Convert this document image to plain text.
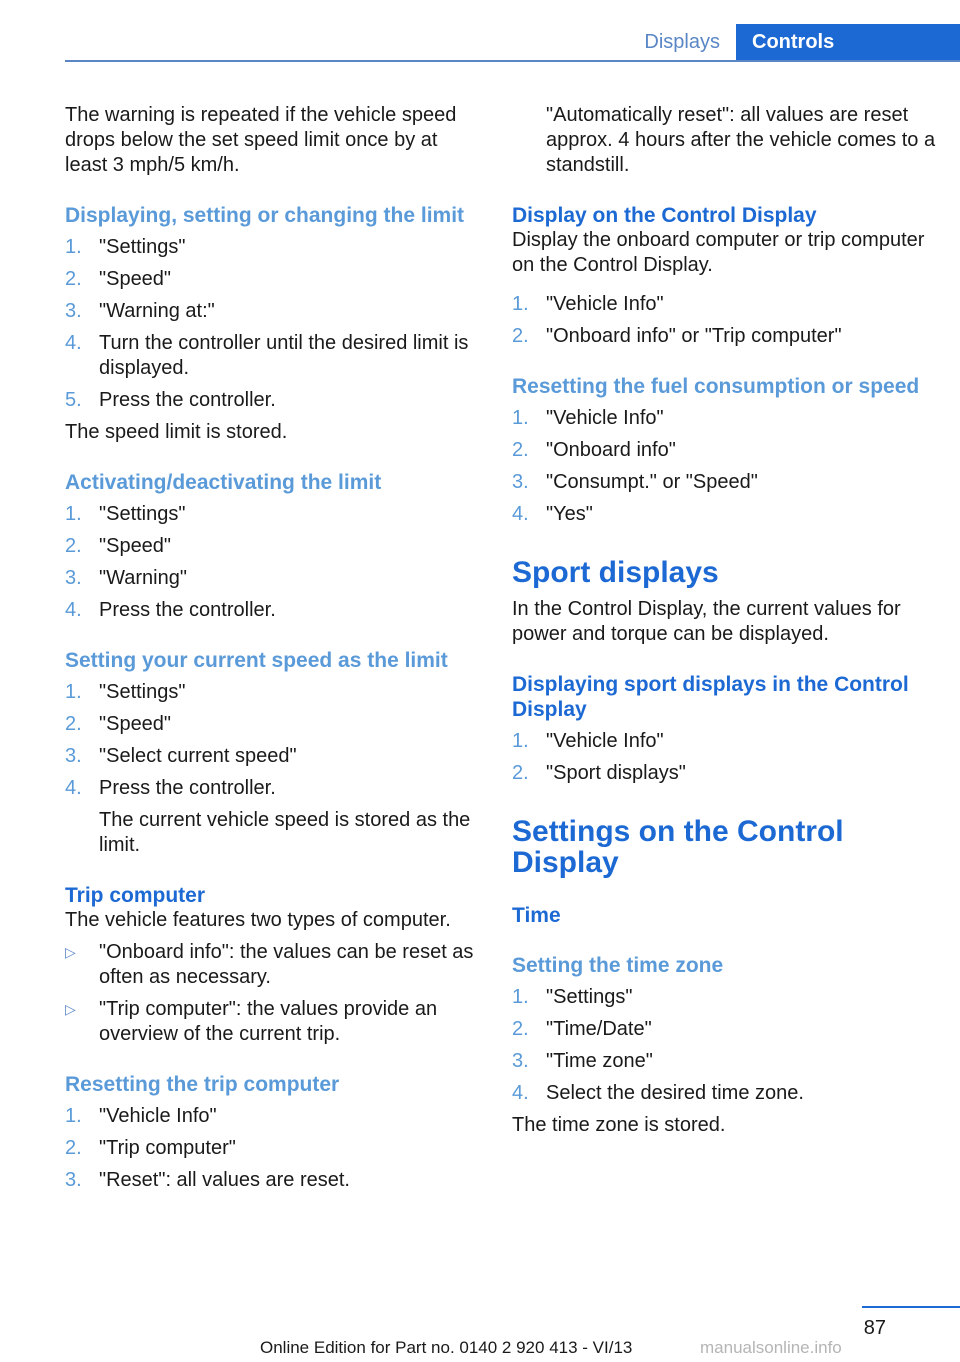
Displays	Controls

The warning is repeated if the vehicle speed drops below the set speed limit once by at least 3 mph/5 km/h.

Displaying, setting or changing the limit
1. "Settings"
2. "Speed"
3. "Warning at:"
4. Turn the controller until the desired limit is displayed.
5. Press the controller.

The speed limit is stored.

Activating/deactivating the limit
1. "Settings"
2. "Speed"
3. "Warning"
4. Press the controller.
Setting your current speed as the limit
1. "Settings"
2. "Speed"
3. "Select current speed"
4. Press the controller.

The current vehicle speed is stored as the limit.

Trip computer

The vehicle features two types of computer.

▷ "Onboard info": the values can be reset as often as necessary.
▷ "Trip computer": the values provide an overview of the current trip.
Resetting the trip computer
1. "Vehicle Info"
2. "Trip computer"
3. "Reset": all values are reset.

"Automatically reset": all values are reset approx. 4 hours after the vehicle comes to a standstill.

Display on the Control Display

Display the onboard computer or trip computer on the Control Display.

1. "Vehicle Info"
2. "Onboard info" or "Trip computer"
Resetting the fuel consumption or speed
1. "Vehicle Info"
2. "Onboard info"
3. "Consumpt." or "Speed"
4. "Yes"
Sport displays

In the Control Display, the current values for power and torque can be displayed.

Displaying sport displays in the Control Display
1. "Vehicle Info"
2. "Sport displays"
Settings on the Control Display
Time
Setting the time zone
1. "Settings"
2. "Time/Date"
3. "Time zone"
4. Select the desired time zone.

The time zone is stored.

87
Online Edition for Part no. 0140 2 920 413 - VI/13	manualsonline.info
